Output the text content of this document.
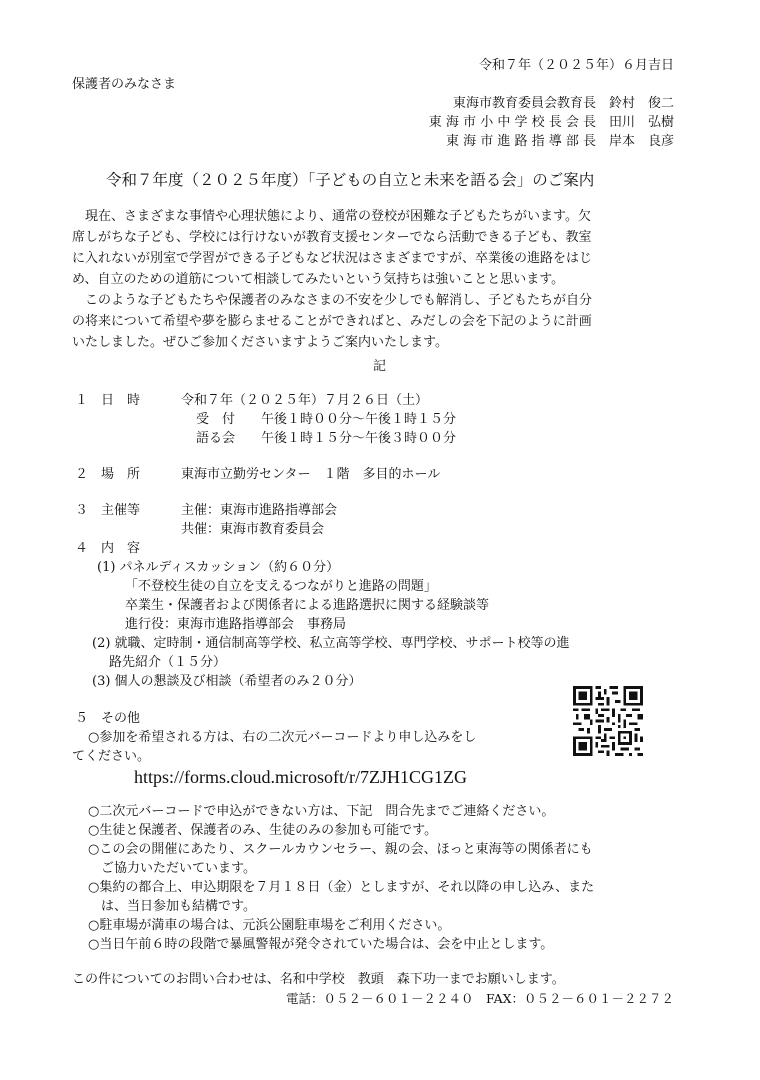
令和７年（２０２５年）６月吉日
保護者のみなさま
東海市教育委員会教育長　鈴村　俊二
東 海 市 小 中 学 校 長 会 長　田川　弘樹
東 海 市 進 路 指 導 部 長　岸本　良彦
令和７年度（２０２５年度）「子どもの自立と未来を語る会」のご案内
　現在、さまざまな事情や心理状態により、通常の登校が困難な子どもたちがいます。欠
席しがちな子ども、学校には行けないが教育支援センターでなら活動できる子ども、教室
に入れないが別室で学習ができる子どもなど状況はさまざまですが、卒業後の進路をはじ
め、自立のための道筋について相談してみたいという気持ちは強いことと思います。
　このような子どもたちや保護者のみなさまの不安を少しでも解消し、子どもたちが自分
の将来について希望や夢を膨らませることができればと、みだしの会を下記のように計画
いたしました。ぜひご参加くださいますようご案内いたします。
記
１　日　時	令和７年（２０２５年）７月２６日（土）
受　付　　午後１時００分～午後１時１５分
語る会　　午後１時１５分～午後３時００分
２　場　所	東海市立勤労センター　１階　多目的ホール
３　主催等	主催：東海市進路指導部会
共催：東海市教育委員会
４　内　容
(1) パネルディスカッション（約６０分）
「不登校生徒の自立を支えるつながりと進路の問題」
卒業生・保護者および関係者による進路選択に関する経験談等
進行役：東海市進路指導部会　事務局
(2) 就職、定時制・通信制高等学校、私立高等学校、専門学校、サポート校等の進
路先紹介（１５分）
(3) 個人の懇談及び相談（希望者のみ２０分）
５　その他
○参加を希望される方は、右の二次元バーコードより申し込みをし
てください。
https://forms.cloud.microsoft/r/7ZJH1CG1ZG
○二次元バーコードで申込ができない方は、下記　問合先までご連絡ください。
○生徒と保護者、保護者のみ、生徒のみの参加も可能です。
○この会の開催にあたり、スクールカウンセラー、親の会、ほっと東海等の関係者にも
　ご協力いただいています。
○集約の都合上、申込期限を７月１８日（金）としますが、それ以降の申し込み、また
　は、当日参加も結構です。
○駐車場が満車の場合は、元浜公園駐車場をご利用ください。
○当日午前６時の段階で暴風警報が発令されていた場合は、会を中止とします。
この件についてのお問い合わせは、名和中学校　教頭　森下功一までお願いします。
電話：０５２－６０１－２２４０　FAX：０５２－６０１－２２７２
